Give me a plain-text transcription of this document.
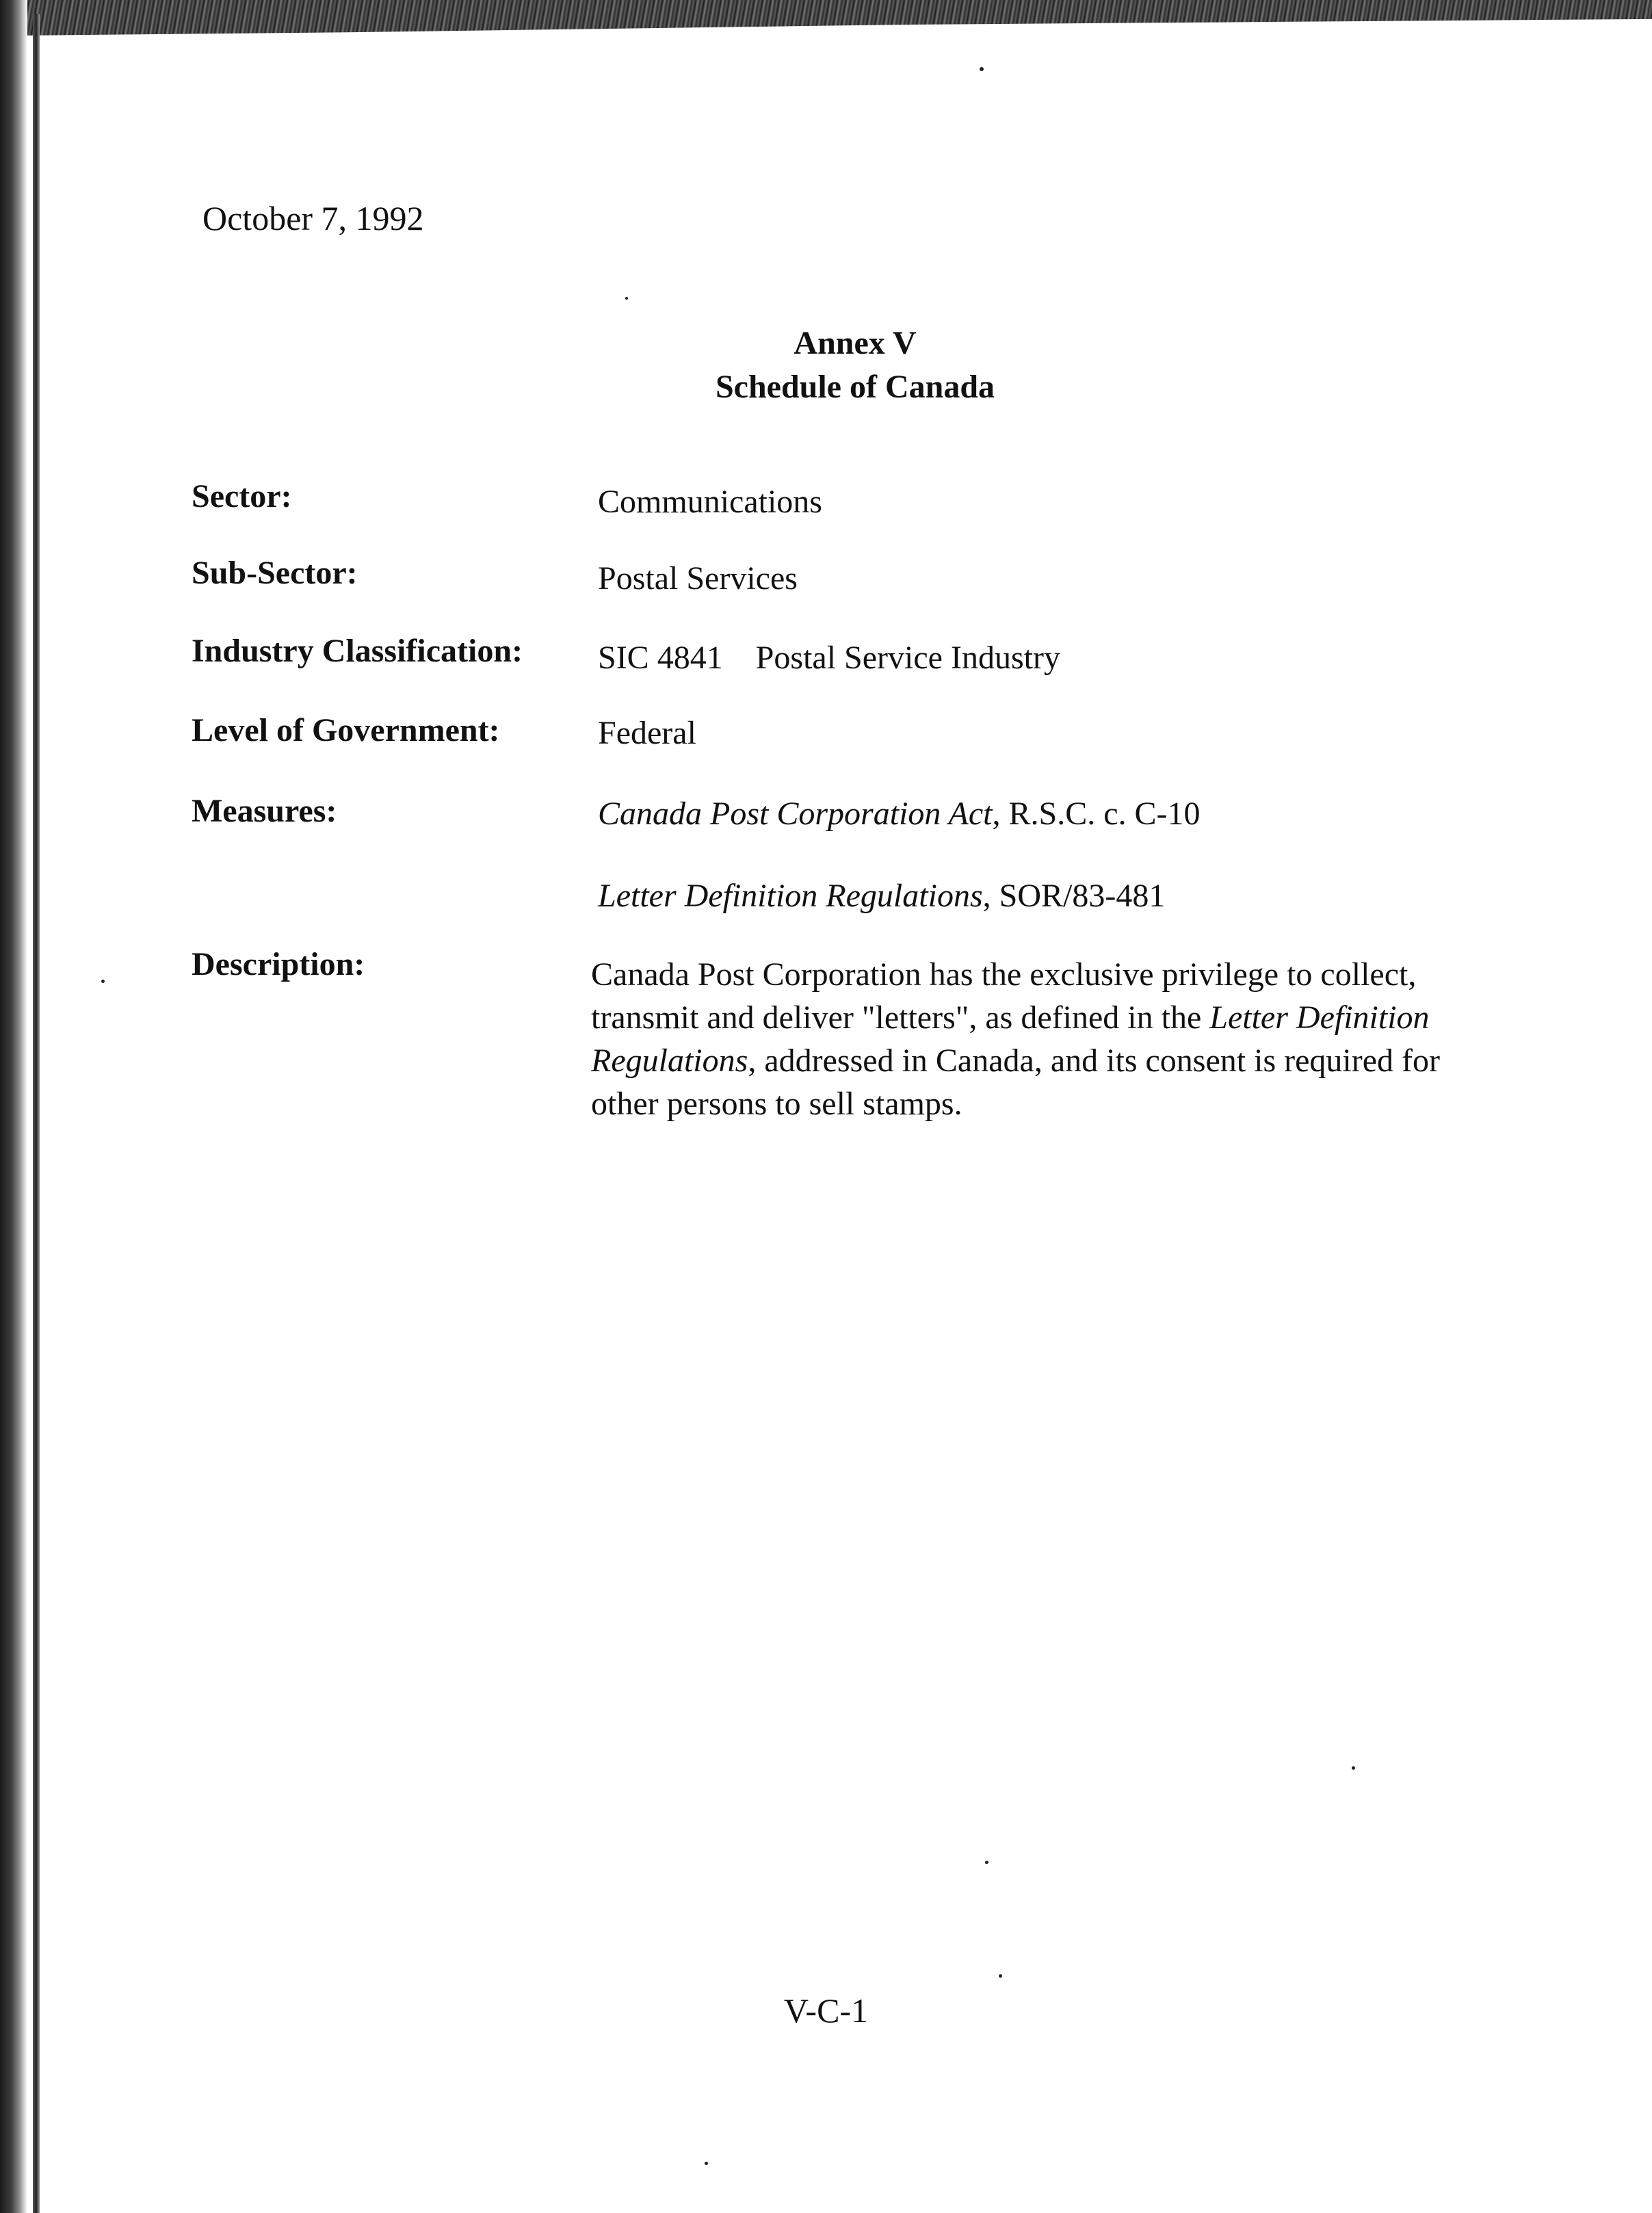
October 7, 1992
Annex V
Schedule of Canada
Sector:	Communications
Sub-Sector:	Postal Services
Industry Classification: SIC 4841 Postal Service Industry
Level of Government:	Federal
Measures:	Canada Post Corporation Act, R.S.C. c. C-10
Letter Definition Regulations, SOR/83-481
Description:	Canada Post Corporation has the exclusive privilege to collect, transmit and deliver "letters", as defined in the Letter Definition Regulations, addressed in Canada, and its consent is required for other persons to sell stamps.
V-C-1
